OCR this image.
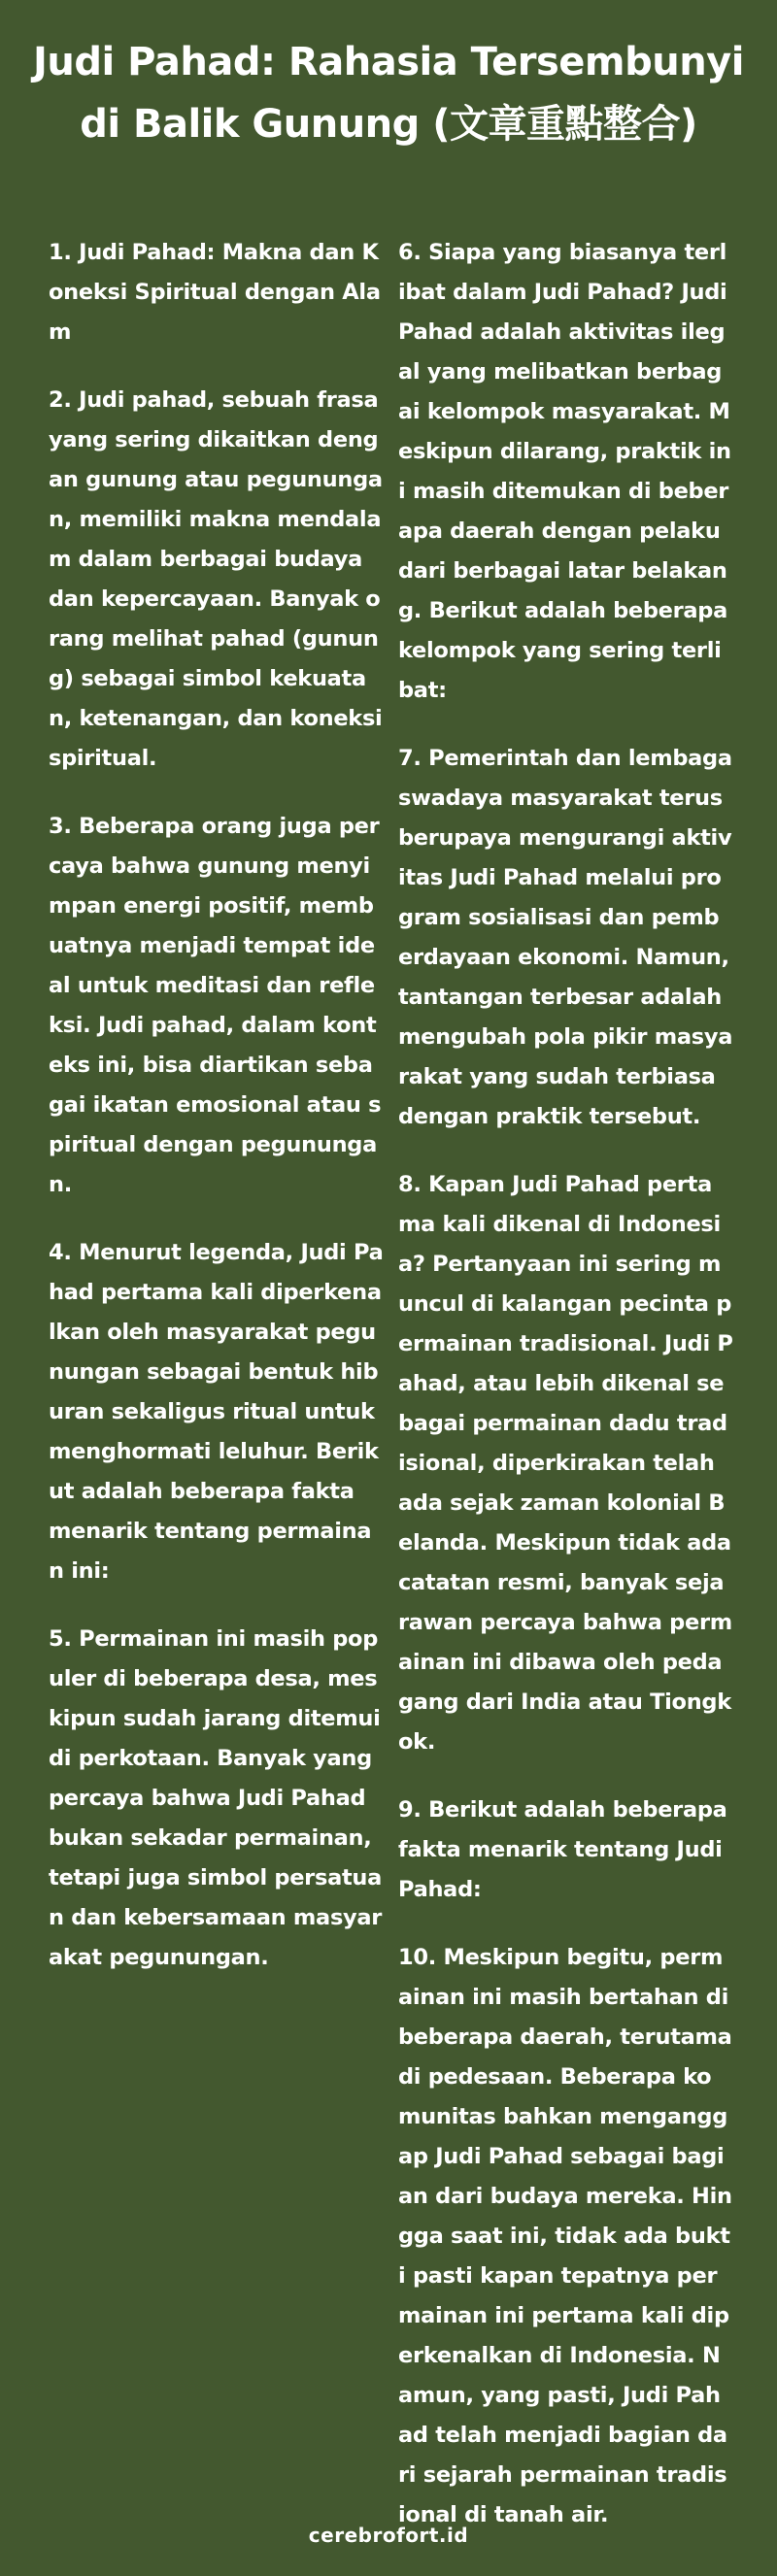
Judi Pahad: Rahasia Tersembunyi di Balik Gunung (文章重點整合)

1. Judi Pahad: Makna dan Koneksi Spiritual dengan Alam

2. Judi pahad, sebuah frasa yang sering dikaitkan dengan gunung atau pegunungan, memiliki makna mendalam dalam berbagai budaya dan kepercayaan. Banyak orang melihat pahad (gunung) sebagai simbol kekuatan, ketenangan, dan koneksi spiritual.

3. Beberapa orang juga percaya bahwa gunung menyimpan energi positif, membuatnya menjadi tempat ideal untuk meditasi dan refleksi. Judi pahad, dalam konteks ini, bisa diartikan sebagai ikatan emosional atau spiritual dengan pegunungan.

4. Menurut legenda, Judi Pahad pertama kali diperkenalkan oleh masyarakat pegunungan sebagai bentuk hiburan sekaligus ritual untuk menghormati leluhur. Berikut adalah beberapa fakta menarik tentang permainan ini:

5. Permainan ini masih populer di beberapa desa, meskipun sudah jarang ditemui di perkotaan. Banyak yang percaya bahwa Judi Pahad bukan sekadar permainan, tetapi juga simbol persatuan dan kebersamaan masyarakat pegunungan.

6. Siapa yang biasanya terlibat dalam Judi Pahad? Judi Pahad adalah aktivitas ilegal yang melibatkan berbagai kelompok masyarakat. Meskipun dilarang, praktik ini masih ditemukan di beberapa daerah dengan pelaku dari berbagai latar belakang. Berikut adalah beberapa kelompok yang sering terlibat:

7. Pemerintah dan lembaga swadaya masyarakat terus berupaya mengurangi aktivitas Judi Pahad melalui program sosialisasi dan pemberdayaan ekonomi. Namun, tantangan terbesar adalah mengubah pola pikir masyarakat yang sudah terbiasa dengan praktik tersebut.

8. Kapan Judi Pahad pertama kali dikenal di Indonesia? Pertanyaan ini sering muncul di kalangan pecinta permainan tradisional. Judi Pahad, atau lebih dikenal sebagai permainan dadu tradisional, diperkirakan telah ada sejak zaman kolonial Belanda. Meskipun tidak ada catatan resmi, banyak sejarawan percaya bahwa permainan ini dibawa oleh pedagang dari India atau Tiongkok.

9. Berikut adalah beberapa fakta menarik tentang Judi Pahad:

10. Meskipun begitu, permainan ini masih bertahan di beberapa daerah, terutama di pedesaan. Beberapa komunitas bahkan menganggap Judi Pahad sebagai bagian dari budaya mereka. Hingga saat ini, tidak ada bukti pasti kapan tepatnya permainan ini pertama kali diperkenalkan di Indonesia. Namun, yang pasti, Judi Pahad telah menjadi bagian dari sejarah permainan tradisional di tanah air.

cerebrofort.id
